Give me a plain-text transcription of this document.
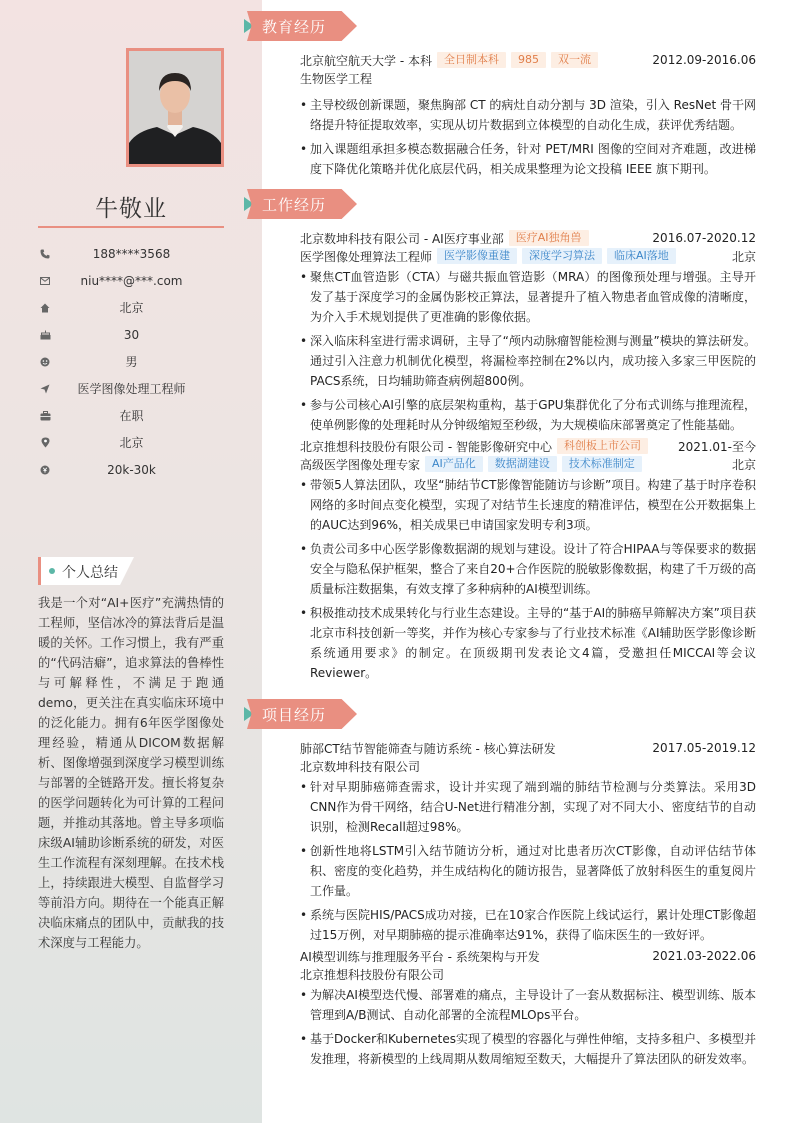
牛敬业
188****3568
niu****@***.com
北京
30
男
医学图像处理工程师
在职
北京
20k-30k
个人总结
我是一个对“AI+医疗”充满热情的工程师，坚信冰冷的算法背后是温暖的关怀。工作习惯上，我有严重的“代码洁癖”，追求算法的鲁棒性与可解释性，不满足于跑通demo，更关注在真实临床环境中的泛化能力。拥有6年医学图像处理经验，精通从DICOM数据解析、图像增强到深度学习模型训练与部署的全链路开发。擅长将复杂的医学问题转化为可计算的工程问题，并推动其落地。曾主导多项临床级AI辅助诊断系统的研发，对医生工作流程有深刻理解。在技术栈上，持续跟进大模型、自监督学习等前沿方向。期待在一个能真正解决临床痛点的团队中，贡献我的技术深度与工程能力。
教育经历
北京航空航天大学 - 本科	全日制本科	985	双一流	2012.09-2016.06
生物医学工程
• 主导校级创新课题，聚焦胸部 CT 的病灶自动分割与 3D 渲染，引入 ResNet 骨干网络提升特征提取效率，实现从切片数据到立体模型的自动化生成，获评优秀结题。
• 加入课题组承担多模态数据融合任务，针对 PET/MRI 图像的空间对齐难题，改进梯度下降优化策略并优化底层代码，相关成果整理为论文投稿 IEEE 旗下期刊。
工作经历
北京数坤科技有限公司 - AI医疗事业部	医疗AI独角兽	2016.07-2020.12
医学图像处理算法工程师	医学影像重建	深度学习算法	临床AI落地	北京
• 聚焦CT血管造影（CTA）与磁共振血管造影（MRA）的图像预处理与增强。主导开发了基于深度学习的金属伪影校正算法，显著提升了植入物患者血管成像的清晰度，为介入手术规划提供了更准确的影像依据。
• 深入临床科室进行需求调研，主导了“颅内动脉瘤智能检测与测量”模块的算法研发。通过引入注意力机制优化模型，将漏检率控制在2%以内，成功接入多家三甲医院的PACS系统，日均辅助筛查病例超800例。
• 参与公司核心AI引擎的底层架构重构，基于GPU集群优化了分布式训练与推理流程，使单例影像的处理耗时从分钟级缩短至秒级，为大规模临床部署奠定了性能基础。
北京推想科技股份有限公司 - 智能影像研究中心	科创板上市公司	2021.01-至今
高级医学图像处理专家	AI产品化	数据湖建设	技术标准制定	北京
• 带领5人算法团队，攻坚“肺结节CT影像智能随访与诊断”项目。构建了基于时序卷积网络的多时间点变化模型，实现了对结节生长速度的精准评估，模型在公开数据集上的AUC达到96%，相关成果已申请国家发明专利3项。
• 负责公司多中心医学影像数据湖的规划与建设。设计了符合HIPAA与等保要求的数据安全与隐私保护框架，整合了来自20+合作医院的脱敏影像数据，构建了千万级的高质量标注数据集，有效支撑了多种病种的AI模型训练。
• 积极推动技术成果转化与行业生态建设。主导的“基于AI的肺癌早筛解决方案”项目获北京市科技创新一等奖，并作为核心专家参与了行业技术标准《AI辅助医学影像诊断系统通用要求》的制定。在顶级期刊发表论文4篇，受邀担任MICCAI等会议Reviewer。
项目经历
肺部CT结节智能筛查与随访系统 - 核心算法研发	2017.05-2019.12
北京数坤科技有限公司
• 针对早期肺癌筛查需求，设计并实现了端到端的肺结节检测与分类算法。采用3D CNN作为骨干网络，结合U-Net进行精准分割，实现了对不同大小、密度结节的自动识别，检测Recall超过98%。
• 创新性地将LSTM引入结节随访分析，通过对比患者历次CT影像，自动评估结节体积、密度的变化趋势，并生成结构化的随访报告，显著降低了放射科医生的重复阅片工作量。
• 系统与医院HIS/PACS成功对接，已在10家合作医院上线试运行，累计处理CT影像超过15万例，对早期肺癌的提示准确率达91%，获得了临床医生的一致好评。
AI模型训练与推理服务平台 - 系统架构与开发	2021.03-2022.06
北京推想科技股份有限公司
• 为解决AI模型迭代慢、部署难的痛点，主导设计了一套从数据标注、模型训练、版本管理到A/B测试、自动化部署的全流程MLOps平台。
• 基于Docker和Kubernetes实现了模型的容器化与弹性伸缩，支持多租户、多模型并发推理，将新模型的上线周期从数周缩短至数天，大幅提升了算法团队的研发效率。
